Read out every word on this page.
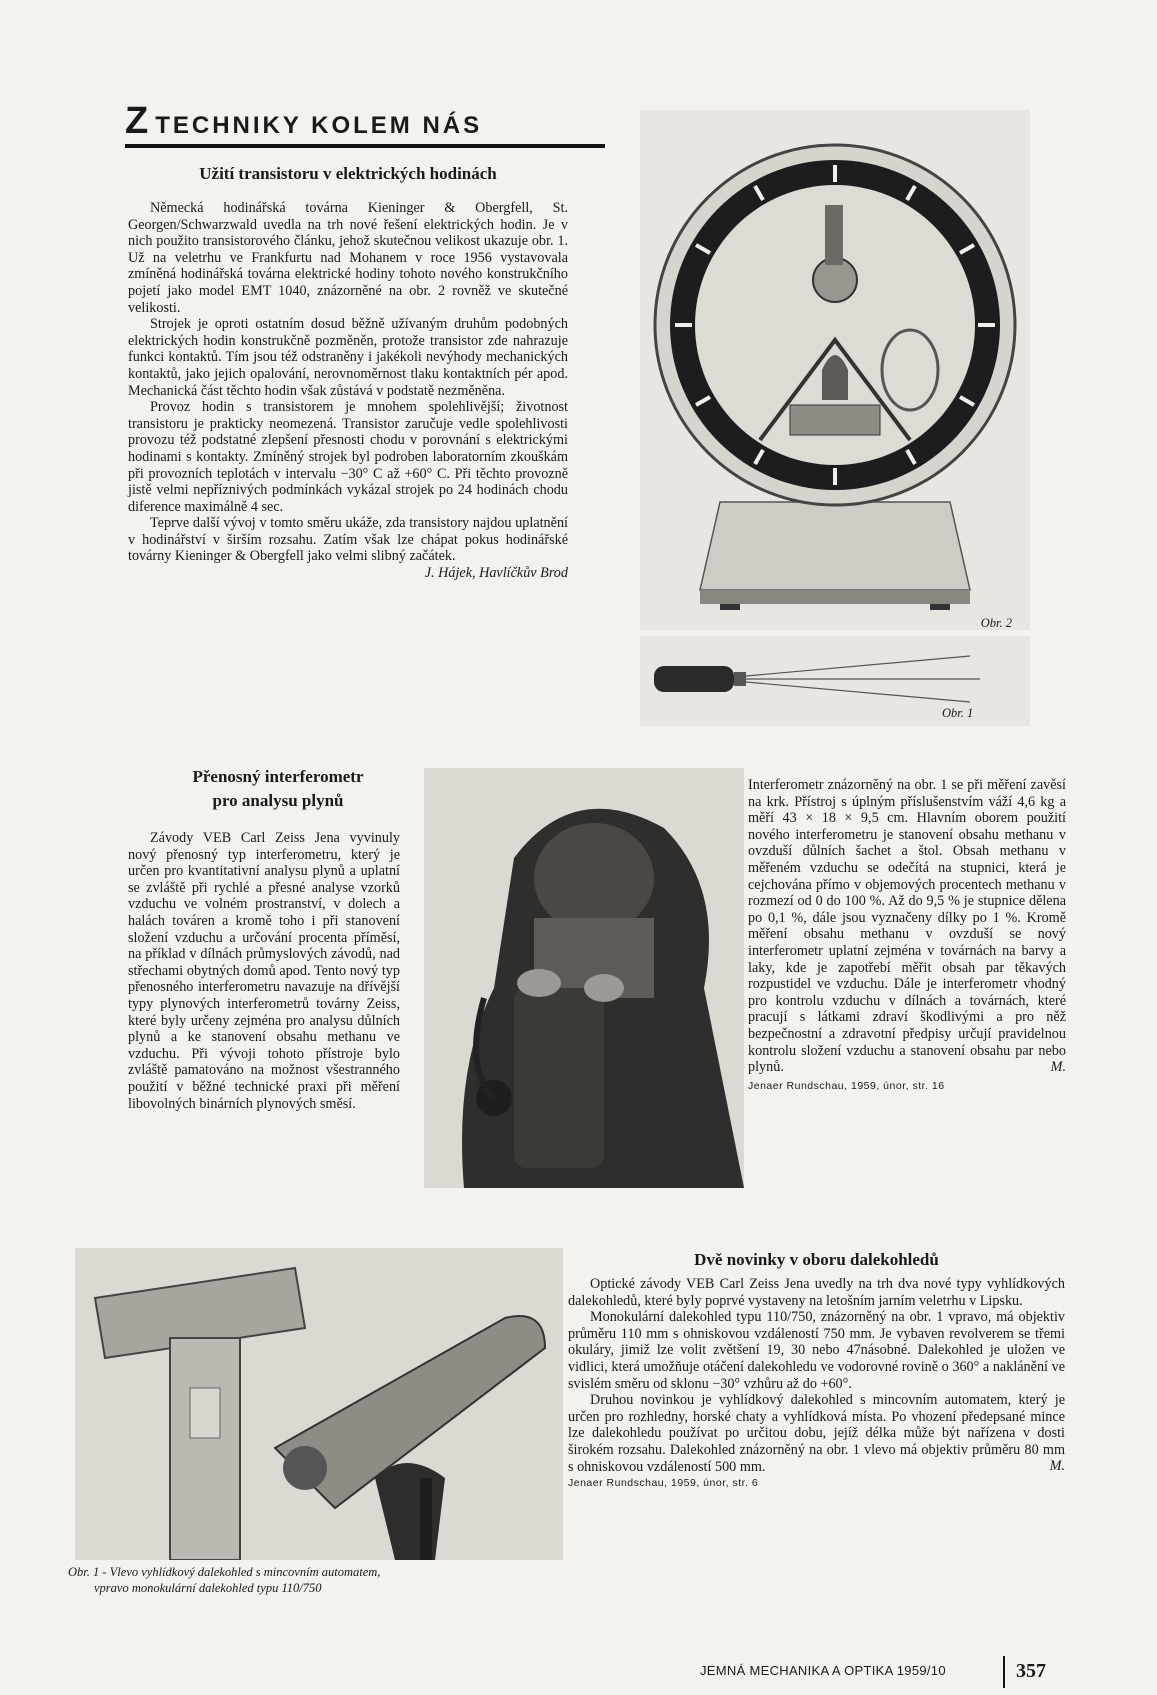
ZTECHNIKY KOLEM NÁS
Užití transistoru v elektrických hodinách

Německá hodinářská továrna Kieninger & Obergfell, St. Georgen/Schwarzwald uvedla na trh nové řešení elektrických hodin. Je v nich použito transistorového článku, jehož skutečnou velikost ukazuje obr. 1. Už na veletrhu ve Frankfurtu nad Mohanem v roce 1956 vystavovala zmíněná hodinářská továrna elektrické hodiny tohoto nového konstrukčního pojetí jako model EMT 1040, znázorněné na obr. 2 rovněž ve skutečné velikosti.

Strojek je oproti ostatním dosud běžně užívaným druhům podobných elektrických hodin konstrukčně pozměněn, protože transistor zde nahrazuje funkci kontaktů. Tím jsou též odstraněny i jakékoli nevýhody mechanických kontaktů, jako jejich opalování, nerovnoměrnost tlaku kontaktních pér apod. Mechanická část těchto hodin však zůstává v podstatě nezměněna.

Provoz hodin s transistorem je mnohem spolehlivější; životnost transistoru je prakticky neomezená. Transistor zaručuje vedle spolehlivosti provozu též podstatné zlepšení přesnosti chodu v porovnání s elektrickými hodinami s kontakty. Zmíněný strojek byl podroben laboratorním zkouškám při provozních teplotách v intervalu −30° C až +60° C. Při těchto provozně jistě velmi nepříznivých podmínkách vykázal strojek po 24 hodinách chodu diference maximálně 4 sec.

Teprve další vývoj v tomto směru ukáže, zda transistory najdou uplatnění v hodinářství v širším rozsahu. Zatím však lze chápat pokus hodinářské továrny Kieninger & Obergfell jako velmi slibný začátek.

J. Hájek, Havlíčkův Brod

Obr. 2
Obr. 1
Přenosný interferometr
pro analysu plynů

Závody VEB Carl Zeiss Jena vyvinuly nový přenosný typ interferometru, který je určen pro kvantitativní analysu plynů a uplatní se zvláště při rychlé a přesné analyse vzorků vzduchu ve volném prostranství, v dolech a halách továren a kromě toho i při stanovení složení vzduchu a určování procenta příměsí, na příklad v dílnách průmyslových závodů, nad střechami obytných domů apod. Tento nový typ přenosného interferometru navazuje na dřívější typy plynových interferometrů továrny Zeiss, které byly určeny zejména pro analysu důlních plynů a ke stanovení obsahu methanu ve vzduchu. Při vývoji tohoto přístroje bylo zvláště pamatováno na možnost všestranného použití v běžné technické praxi při měření libovolných binárních plynových směsí.

Interferometr znázorněný na obr. 1 se při měření zavěsí na krk. Přístroj s úplným příslušenstvím váží 4,6 kg a měří 43 × 18 × 9,5 cm. Hlavním oborem použití nového interferometru je stanovení obsahu methanu v ovzduší důlních šachet a štol. Obsah methanu v měřeném vzduchu se odečítá na stupnici, která je cejchována přímo v objemových procentech methanu v rozmezí od 0 do 100 %. Až do 9,5 % je stupnice dělena po 0,1 %, dále jsou vyznačeny dílky po 1 %. Kromě měření obsahu methanu v ovzduší se nový interferometr uplatní zejména v továrnách na barvy a laky, kde je zapotřebí měřit obsah par těkavých rozpustidel ve vzduchu. Dále je interferometr vhodný pro kontrolu vzduchu v dílnách a továrnách, které pracují s látkami zdraví škodlivými a pro něž bezpečnostní a zdravotní předpisy určují pravidelnou kontrolu složení vzduchu a stanovení obsahu par nebo plynů.	M.

Jenaer Rundschau, 1959, únor, str. 16

Obr. 1 - Vlevo vyhlídkový dalekohled s mincovním automatem,
vpravo monokulární dalekohled typu 110/750
Dvě novinky v oboru dalekohledů

Optické závody VEB Carl Zeiss Jena uvedly na trh dva nové typy vyhlídkových dalekohledů, které byly poprvé vystaveny na letošním jarním veletrhu v Lipsku.

Monokulární dalekohled typu 110/750, znázorněný na obr. 1 vpravo, má objektiv průměru 110 mm s ohniskovou vzdáleností 750 mm. Je vybaven revolverem se třemi okuláry, jimiž lze volit zvětšení 19, 30 nebo 47násobné. Dalekohled je uložen ve vidlici, která umožňuje otáčení dalekohledu ve vodorovné rovině o 360° a naklánění ve svislém směru od sklonu −30° vzhůru až do +60°.

Druhou novinkou je vyhlídkový dalekohled s mincovním automatem, který je určen pro rozhledny, horské chaty a vyhlídková místa. Po vhození předepsané mince lze dalekohledu používat po určitou dobu, jejíž délka může být nařízena v dosti širokém rozsahu. Dalekohled znázorněný na obr. 1 vlevo má objektiv průměru 80 mm s ohniskovou vzdáleností 500 mm.	M.

Jenaer Rundschau, 1959, únor, str. 6

JEMNÁ MECHANIKA A OPTIKA 1959/10	357
